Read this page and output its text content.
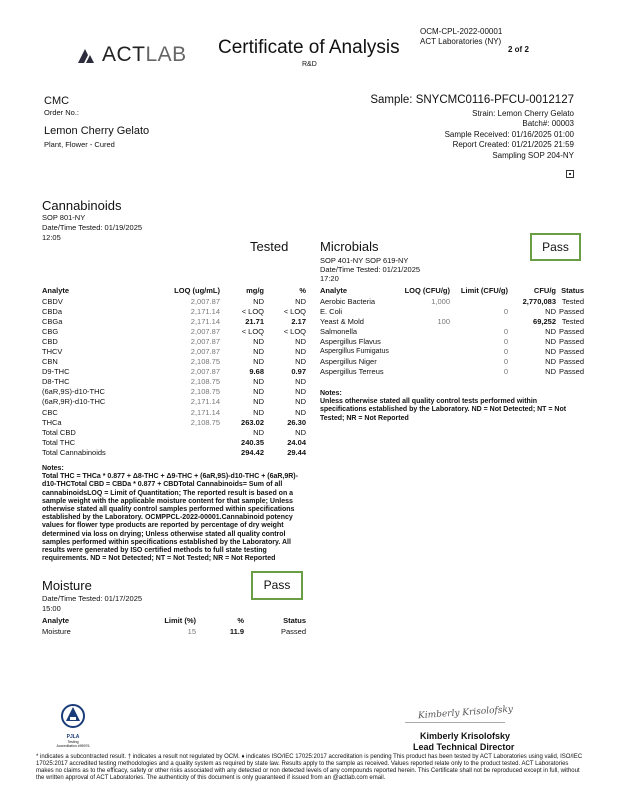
ACTLAB Certificate of Analysis
R&D
OCM-CPL-2022-00001
ACT Laboratories (NY)
2 of 2
CMC
Order No.:
Lemon Cherry Gelato
Plant, Flower - Cured
Sample: SNYCMC0116-PFCU-0012127
Strain: Lemon Cherry Gelato
Batch#: 00003
Sample Received: 01/16/2025 01:00
Report Created: 01/21/2025 21:59
Sampling SOP 204-NY
Cannabinoids
SOP 801-NY
Date/Time Tested: 01/19/2025
12:05
Tested
Analyte	LOQ (ug/mL)	mg/g	%
CBDV	2,007.87	ND	ND
CBDa	2,171.14	< LOQ	< LOQ
CBGa	2,171.14	21.71	2.17
CBG	2,007.87	< LOQ	< LOQ
CBD	2,007.87	ND	ND
THCV	2,007.87	ND	ND
CBN	2,108.75	ND	ND
D9-THC	2,007.87	9.68	0.97
D8-THC	2,108.75	ND	ND
(6aR,9S)-d10-THC	2,108.75	ND	ND
(6aR,9R)-d10-THC	2,171.14	ND	ND
CBC	2,171.14	ND	ND
THCa	2,108.75	263.02	26.30
Total CBD		ND	ND
Total THC		240.35	24.04
Total Cannabinoids		294.42	29.44
Notes:
Total THC = THCa * 0.877 + Δ8-THC + Δ9-THC + (6aR,9S)-d10-THC + (6aR,9R)-d10-THCTotal CBD = CBDa * 0.877 + CBDTotal Cannabinoids= Sum of all cannabinoidsLOQ = Limit of Quantitation; The reported result is based on a sample weight with the applicable moisture content for that sample; Unless otherwise stated all quality control samples performed within specifications established by the Laboratory. OCMPPCL-2022-00001.Cannabinoid potency values for flower type products are reported by percentage of dry weight determined via loss on drying; Unless otherwise stated all quality control samples performed within specifications established by the Laboratory. All results were generated by ISO certified methods to full state testing requirements. ND = Not Detected; NT = Not Tested; NR = Not Reported
Microbials	Pass
SOP 401-NY SOP 619-NY
Date/Time Tested: 01/21/2025
17:20
Analyte	LOQ (CFU/g)	Limit (CFU/g)	CFU/g	Status
Aerobic Bacteria	1,000		2,770,083	Tested
E. Coli		0	ND	Passed
Yeast & Mold	100		69,252	Tested
Salmonella		0	ND	Passed
Aspergillus Flavus		0	ND	Passed
Aspergillus Fumigatus		0	ND	Passed
Aspergillus Niger		0	ND	Passed
Aspergillus Terreus		0	ND	Passed
Notes:
Unless otherwise stated all quality control tests performed within specifications established by the Laboratory. ND = Not Detected; NT = Not Tested; NR = Not Reported
Moisture	Pass
Date/Time Tested: 01/17/2025
15:00
Analyte	Limit (%)	%	Status
Moisture	15	11.9	Passed
PJLA
Testing
Accreditation #95976
Kimberly Krisolofsky
Kimberly Krisolofsky
Lead Technical Director
* indicates a subcontracted result. † indicates a result not regulated by OCM. ♦ indicates ISO/IEC 17025:2017 accreditation is pending This product has been tested by ACT Laboratories using valid, ISO/IEC 17025:2017 accredited testing methodologies and a quality system as required by state law. Results apply to the sample as received. Values reported relate only to the product tested. ACT Laboratories makes no claims as to the efficacy, safety or other risks associated with any detected or non detected levels of any compounds reported herein. This Certificate shall not be reproduced except in full, without the written approval of ACT Laboratories. The authenticity of this document is only guaranteed if issued from an @actlab.com email.
